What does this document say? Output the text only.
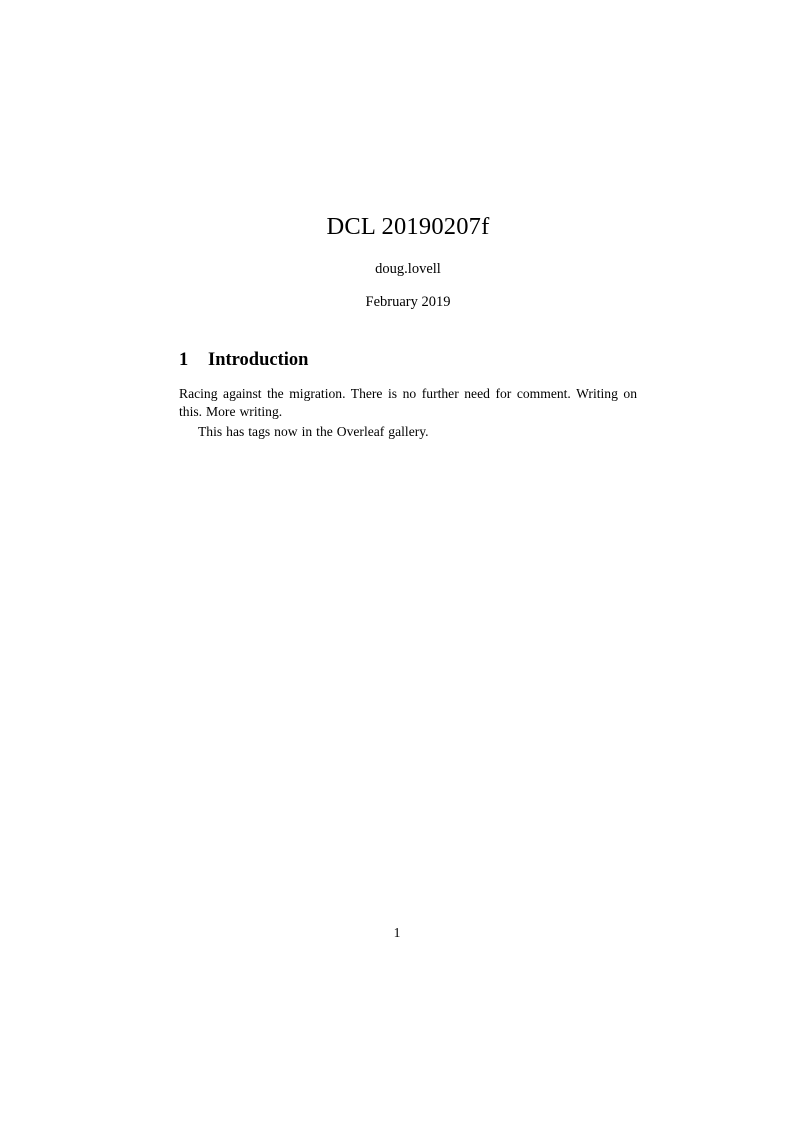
DCL 20190207f

doug.lovell

February 2019

1	Introduction

Racing against the migration. There is no further need for comment. Writing on this. More writing.

This has tags now in the Overleaf gallery.

1
